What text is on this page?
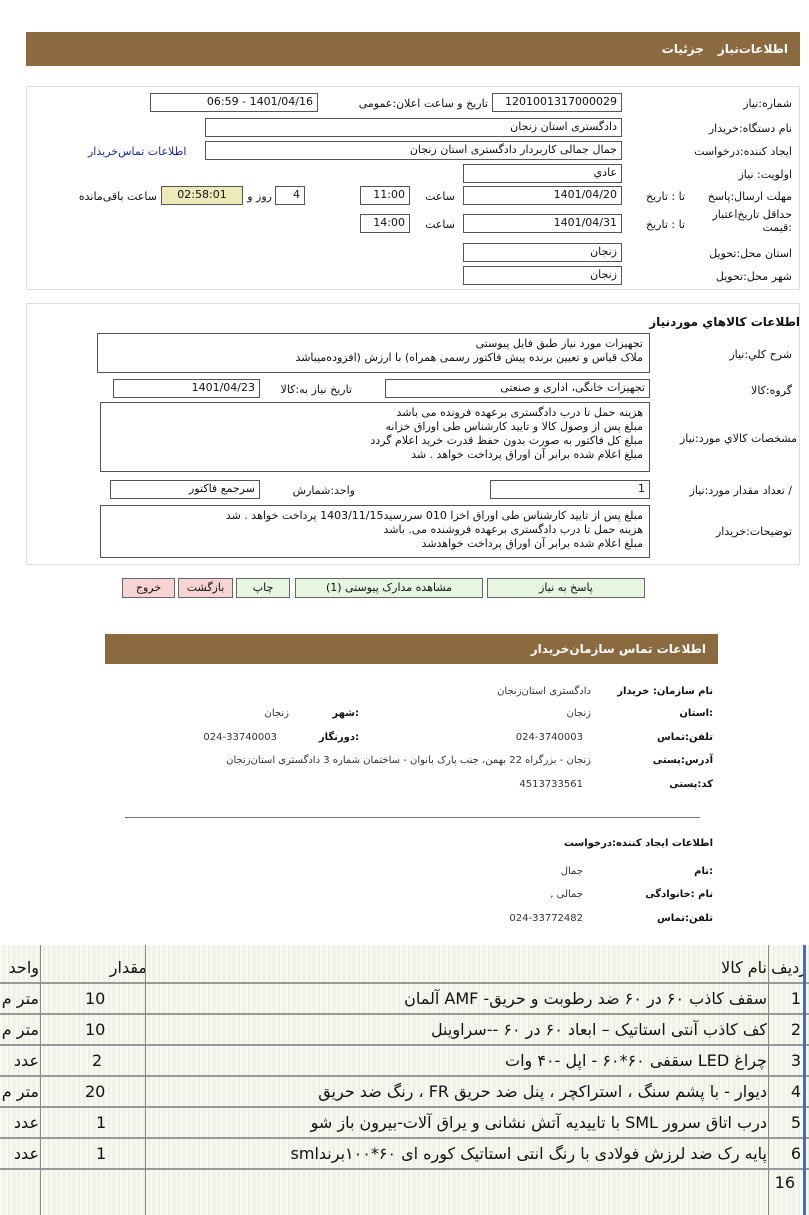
اطلاعات‌نیاز
جزئیات
شماره:نیاز
1201001317000029
تاریخ و ساعت اعلان:عمومی
1401/04/16 - 06:59
نام دستگاه:خریدار
دادگستری استان زنجان
ایجاد کننده:درخواست
جمال جمالی کاربردار دادگستری استان زنجان
اطلاعات تماس‌خریدار
اولویت: نیاز
عادي
مهلت ارسال:پاسخ
تا : تاریخ
1401/04/20
ساعت
11:00
4
روز و
02:58:01
ساعت باقی‌مانده
حداقل تاریخ‌اعتبار :قیمت
تا : تاریخ
1401/04/31
ساعت
14:00
استان محل:تحویل
زنجان
شهر محل:تحویل
زنجان
اطلاعات کالاهاي موردنیاز
شرح کلي:نیاز
تجهیزات مورد نیاز طبق فایل پیوستی
ملاک قیاس و تعیین برنده پیش فاکتور رسمی همراه) با ارزش (افزوده‌میباشد
گروه:کالا
تجهیزات خانگی، اداری و صنعتی
تاریخ نیاز به:کالا
1401/04/23
مشخصات کالاي مورد:نیاز
هزینه حمل تا درب دادگستری برعهده فرونده می باشد
مبلغ پس از وصول کالا و تایید کارشناس طی اوراق خزانه
مبلغ کل فاکتور به صورت بدون حفظ قدرت خرید اعلام گردد
مبلغ اعلام شده برابر آن اوراق پرداخت خواهد . شد
/ تعداد مقدار مورد:نیاز
1
واحد:شمارش
سرجمع فاکتور
توضیحات:خریدار
مبلغ پس از تایید کارشناس طی اوراق اخزا 010 سررسید1403/11/15 پرداخت خواهد . شد
هزینه حمل تا درب دادگستری برعهده فروشنده می. باشد
مبلغ اعلام شده برابر آن اوراق پرداخت خواهدشد
پاسخ به نیاز
مشاهده مدارک پیوستی (1)
چاپ
بازگشت
خروج
اطلاعات تماس سازمان‌خریدار
نام سازمان: خریدار
دادگستری استان‌زنجان
:استان
زنجان
:شهر
زنجان
تلفن:تماس
024-3740003
:دورنگار
024-33740003
آدرس:پستی
زنجان - بزرگراه 22 بهمن، جنب پارک بانوان - ساختمان شماره 3 دادگستری استان‌زنجان
کد:پستی
4513733561
اطلاعات ایجاد کننده:درخواست
:نام
جمال
نام :خانوادگی
جمالی ,
تلفن:تماس
024-33772482
ردیف
نام کالا
مقدار
واحد
1
سقف کاذب ۶۰ در ۶۰ ضد رطوبت و حریق- AMF آلمان
10
متر م
2
کف کاذب آنتی استاتیک – ابعاد ۶۰ در ۶۰ --سراوینل
10
متر م
3
چراغ LED سقفی ۶۰*۶۰ - اپل -۴۰ وات
2
عدد
4
دیوار - با پشم سنگ ، استراکچر ، پنل ضد حریق FR ، رنگ ضد حریق
20
متر م
5
درب اتاق سرور SML با تاییدیه آتش نشانی و یراق آلات-بیرون باز شو
1
عدد
6
پایه رک ضد لرزش فولادی با رنگ انتی استاتیک کوره ای ۶۰*۱۰۰برندsml
1
عدد
16
